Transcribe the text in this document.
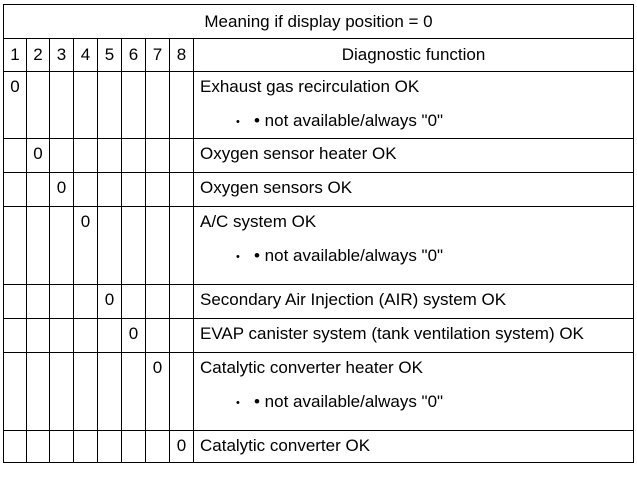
Meaning if display position = 0								
1	2	3	4	5	6	7	8	Diagnostic function
0								Exhaust gas recirculation OK
• • not available/always "0"

	0							Oxygen sensor heater OK

		0						Oxygen sensors OK

			0					A/C system OK
• • not available/always "0"

				0				Secondary Air Injection (AIR) system OK

					0			EVAP canister system (tank ventilation system) OK

						0		Catalytic converter heater OK
• • not available/always "0"

							0	Catalytic converter OK
